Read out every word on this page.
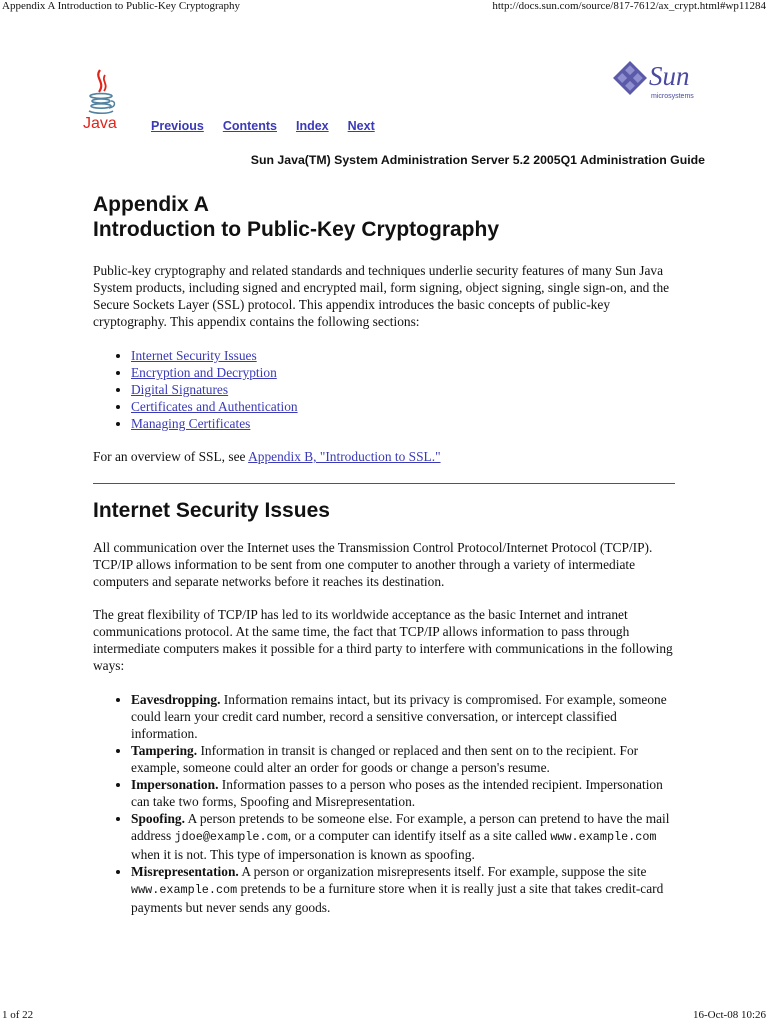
Appendix A Introduction to Public-Key Cryptography	http://docs.sun.com/source/817-7612/ax_crypt.html#wp11284
Java
Sun
microsystems
Previous Contents Index Next
Sun Java(TM) System Administration Server 5.2 2005Q1 Administration Guide
Appendix A
Introduction to Public-Key Cryptography

Public-key cryptography and related standards and techniques underlie security features of many Sun Java System products, including signed and encrypted mail, form signing, object signing, single sign-on, and the Secure Sockets Layer (SSL) protocol. This appendix introduces the basic concepts of public-key cryptography. This appendix contains the following sections:

• Internet Security Issues
• Encryption and Decryption
• Digital Signatures
• Certificates and Authentication
• Managing Certificates

For an overview of SSL, see Appendix B, "Introduction to SSL."

Internet Security Issues

All communication over the Internet uses the Transmission Control Protocol/Internet Protocol (TCP/IP). TCP/IP allows information to be sent from one computer to another through a variety of intermediate computers and separate networks before it reaches its destination.

The great flexibility of TCP/IP has led to its worldwide acceptance as the basic Internet and intranet communications protocol. At the same time, the fact that TCP/IP allows information to pass through intermediate computers makes it possible for a third party to interfere with communications in the following ways:

• Eavesdropping. Information remains intact, but its privacy is compromised. For example, someone could learn your credit card number, record a sensitive conversation, or intercept classified information.
• Tampering. Information in transit is changed or replaced and then sent on to the recipient. For example, someone could alter an order for goods or change a person's resume.
• Impersonation. Information passes to a person who poses as the intended recipient. Impersonation can take two forms, Spoofing and Misrepresentation.
• Spoofing. A person pretends to be someone else. For example, a person can pretend to have the mail address jdoe@example.com, or a computer can identify itself as a site called www.example.com when it is not. This type of impersonation is known as spoofing.
• Misrepresentation. A person or organization misrepresents itself. For example, suppose the site www.example.com pretends to be a furniture store when it is really just a site that takes credit-card payments but never sends any goods.
1 of 22	16-Oct-08 10:26
